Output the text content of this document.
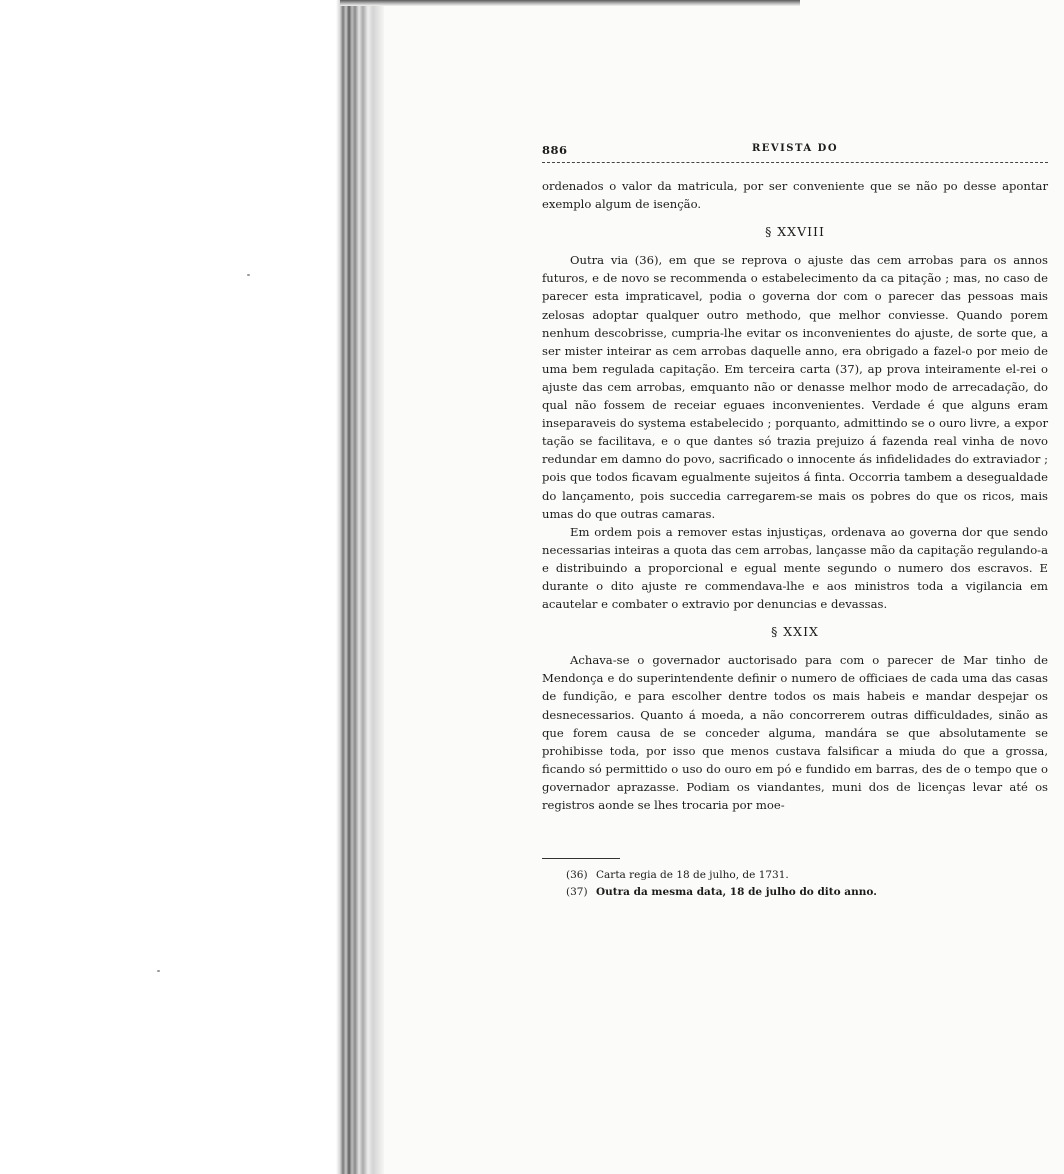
886	REVISTA DO

ordenados o valor da matricula, por ser conveniente que se não po desse apontar exemplo algum de isenção.

§ XXVIII

Outra via (36), em que se reprova o ajuste das cem arrobas para os annos futuros, e de novo se recommenda o estabelecimento da ca pitação ; mas, no caso de parecer esta impraticavel, podia o governa dor com o parecer das pessoas mais zelosas adoptar qualquer outro methodo, que melhor conviesse. Quando porem nenhum descobrisse, cumpria-lhe evitar os inconvenientes do ajuste, de sorte que, a ser mister inteirar as cem arrobas daquelle anno, era obrigado a fazel-o por meio de uma bem regulada capitação. Em terceira carta (37), ap prova inteiramente el-rei o ajuste das cem arrobas, emquanto não or denasse melhor modo de arrecadação, do qual não fossem de receiar eguaes inconvenientes. Verdade é que alguns eram inseparaveis do systema estabelecido ; porquanto, admittindo se o ouro livre, a expor tação se facilitava, e o que dantes só trazia prejuizo á fazenda real vinha de novo redundar em damno do povo, sacrificado o innocente ás infidelidades do extraviador ; pois que todos ficavam egualmente sujeitos á finta. Occorria tambem a desegualdade do lançamento, pois succedia carregarem-se mais os pobres do que os ricos, mais umas do que outras camaras.

Em ordem pois a remover estas injustiças, ordenava ao governa dor que sendo necessarias inteiras a quota das cem arrobas, lançasse mão da capitação regulando-a e distribuindo a proporcional e egual mente segundo o numero dos escravos. E durante o dito ajuste re commendava-lhe e aos ministros toda a vigilancia em acautelar e combater o extravio por denuncias e devassas.

§ XXIX

Achava-se o governador auctorisado para com o parecer de Mar tinho de Mendonça e do superintendente definir o numero de officiaes de cada uma das casas de fundição, e para escolher dentre todos os mais habeis e mandar despejar os desnecessarios. Quanto á moeda, a não concorrerem outras difficuldades, sinão as que forem causa de se conceder alguma, mandára se que absolutamente se prohibisse toda, por isso que menos custava falsificar a miuda do que a grossa, ficando só permittido o uso do ouro em pó e fundido em barras, des de o tempo que o governador aprazasse. Podiam os viandantes, muni dos de licenças levar até os registros aonde se lhes trocaria por moe-

(36) Carta regia de 18 de julho, de 1731.
(37) Outra da mesma data, 18 de julho do dito anno.
